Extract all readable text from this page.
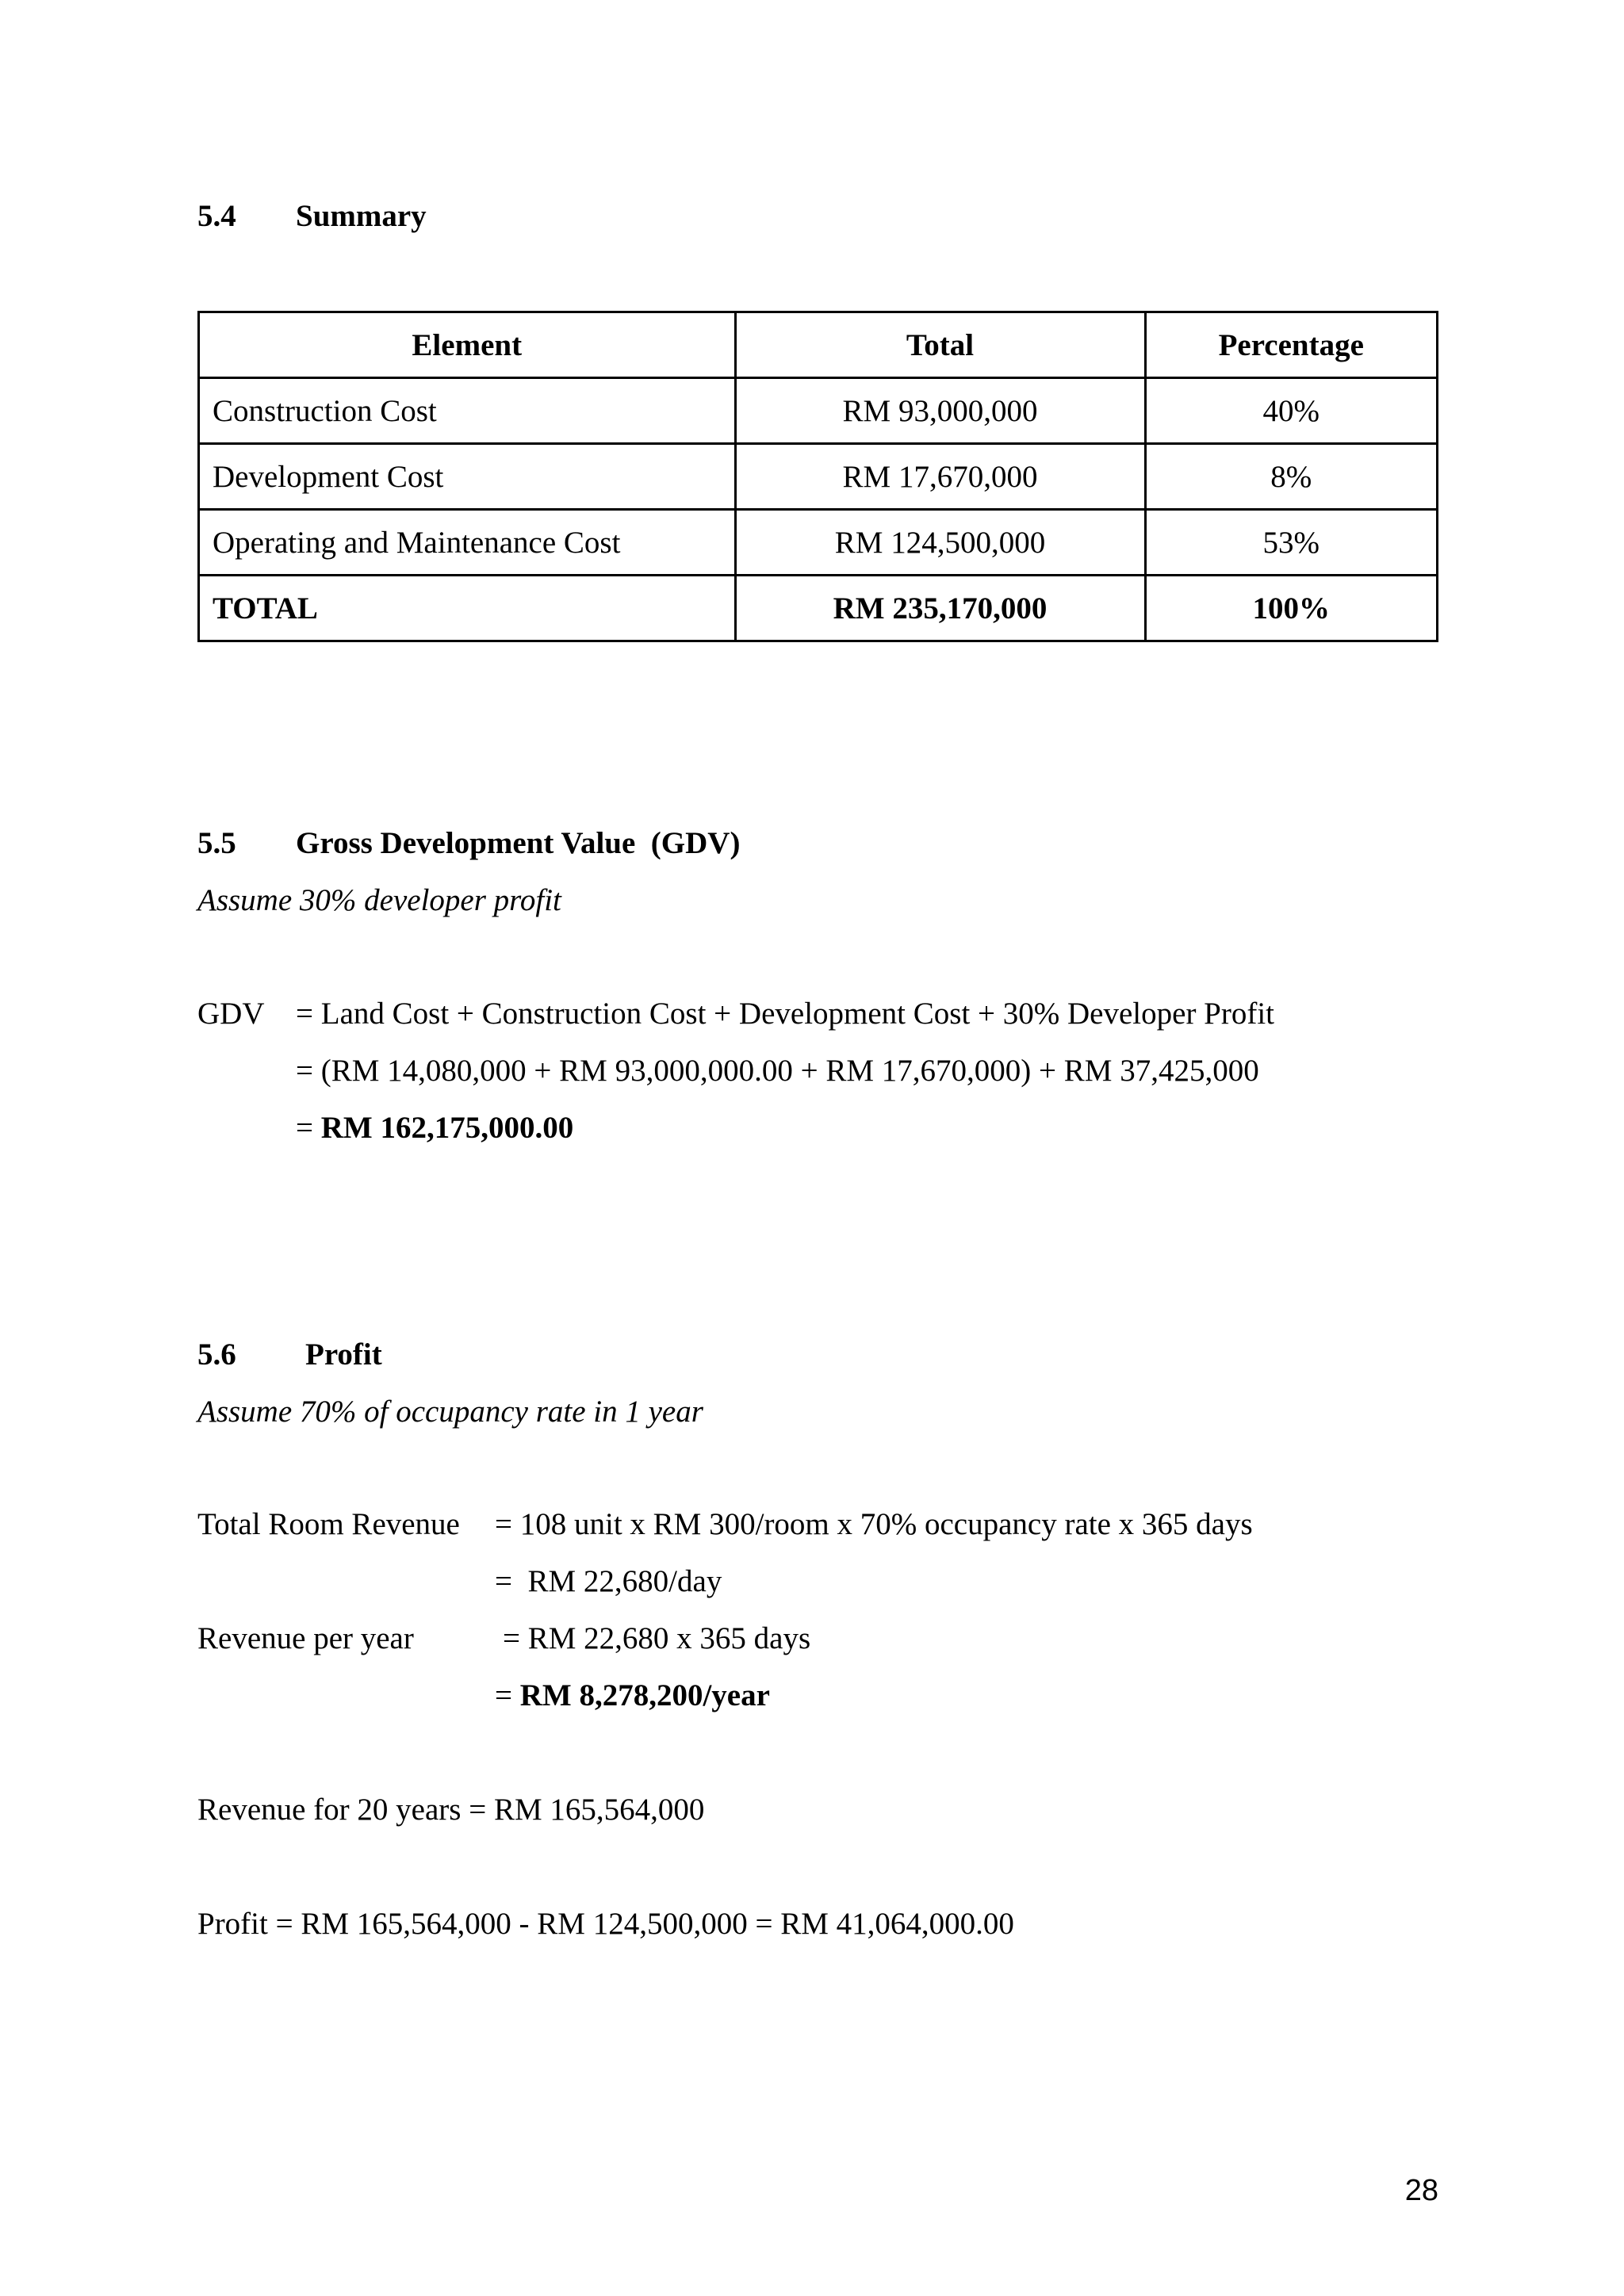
5.4 Summary
Element	Total	Percentage
Construction Cost	RM 93,000,000	40%
Development Cost	RM 17,670,000	8%
Operating and Maintenance Cost	RM 124,500,000	53%
TOTAL	RM 235,170,000	100%
5.5 Gross Development Value  (GDV)
Assume 30% developer profit
GDV = Land Cost + Construction Cost + Development Cost + 30% Developer Profit
= (RM 14,080,000 + RM 93,000,000.00 + RM 17,670,000) + RM 37,425,000
= RM 162,175,000.00
5.6 Profit
Assume 70% of occupancy rate in 1 year
Total Room Revenue = 108 unit x RM 300/room x 70% occupancy rate x 365 days
=  RM 22,680/day
Revenue per year	= RM 22,680 x 365 days
= RM 8,278,200/year
Revenue for 20 years = RM 165,564,000
Profit = RM 165,564,000 - RM 124,500,000 = RM 41,064,000.00
28
